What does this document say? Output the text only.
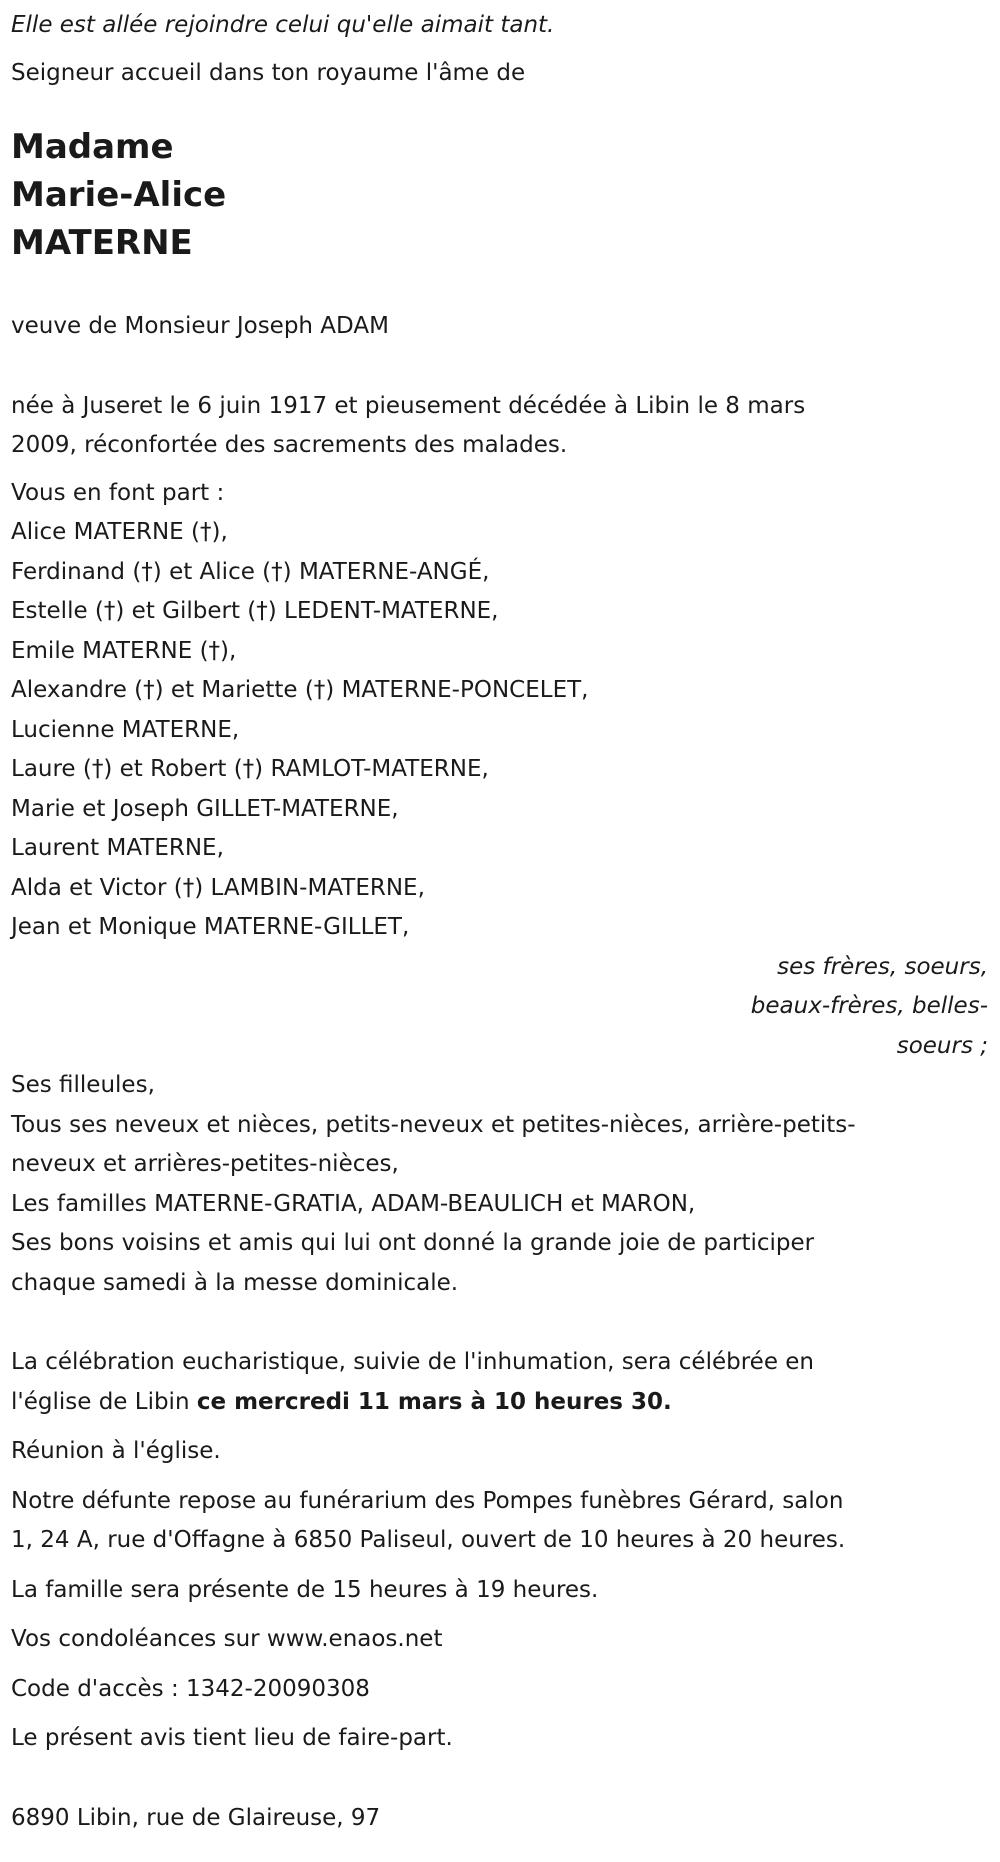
Elle est allée rejoindre celui qu'elle aimait tant.
Seigneur accueil dans ton royaume l'âme de
Madame
Marie-Alice
MATERNE
veuve de Monsieur Joseph ADAM
née à Juseret le 6 juin 1917 et pieusement décédée à Libin le 8 mars
2009, réconfortée des sacrements des malades.
Vous en font part :
Alice MATERNE (†),
Ferdinand (†) et Alice (†) MATERNE-ANGÉ,
Estelle (†) et Gilbert (†) LEDENT-MATERNE,
Emile MATERNE (†),
Alexandre (†) et Mariette (†) MATERNE-PONCELET,
Lucienne MATERNE,
Laure (†) et Robert (†) RAMLOT-MATERNE,
Marie et Joseph GILLET-MATERNE,
Laurent MATERNE,
Alda et Victor (†) LAMBIN-MATERNE,
Jean et Monique MATERNE-GILLET,
ses frères, soeurs,
beaux-frères, belles-
soeurs ;
Ses filleules,
Tous ses neveux et nièces, petits-neveux et petites-nièces, arrière-petits-
neveux et arrières-petites-nièces,
Les familles MATERNE-GRATIA, ADAM-BEAULICH et MARON,
Ses bons voisins et amis qui lui ont donné la grande joie de participer
chaque samedi à la messe dominicale.
La célébration eucharistique, suivie de l'inhumation, sera célébrée en
l'église de Libin ce mercredi 11 mars à 10 heures 30.
Réunion à l'église.
Notre défunte repose au funérarium des Pompes funèbres Gérard, salon
1, 24 A, rue d'Offagne à 6850 Paliseul, ouvert de 10 heures à 20 heures.
La famille sera présente de 15 heures à 19 heures.
Vos condoléances sur www.enaos.net
Code d'accès : 1342-20090308
Le présent avis tient lieu de faire-part.
6890 Libin, rue de Glaireuse, 97
